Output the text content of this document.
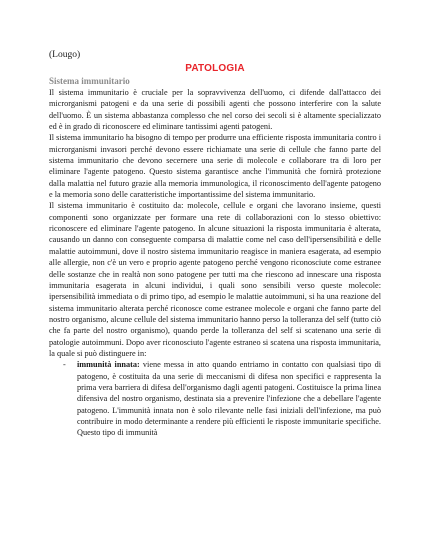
(Lougo)

PATOLOGIA
Sistema immunitario

Il sistema immunitario è cruciale per la sopravvivenza dell'uomo, ci difende dall'attacco dei microrganismi patogeni e da una serie di possibili agenti che possono interferire con la salute dell'uomo. È un sistema abbastanza complesso che nel corso dei secoli si è altamente specializzato ed è in grado di riconoscere ed eliminare tantissimi agenti patogeni.

Il sistema immunitario ha bisogno di tempo per produrre una efficiente risposta immunitaria contro i microrganismi invasori perché devono essere richiamate una serie di cellule che fanno parte del sistema immunitario che devono secernere una serie di molecole e collaborare tra di loro per eliminare l'agente patogeno. Questo sistema garantisce anche l'immunità che fornirà protezione dalla malattia nel futuro grazie alla memoria immunologica, il riconoscimento dell'agente patogeno e la memoria sono delle caratteristiche importantissime del sistema immunitario.

Il sistema immunitario è costituito da: molecole, cellule e organi che lavorano insieme, questi componenti sono organizzate per formare una rete di collaborazioni con lo stesso obiettivo: riconoscere ed eliminare l'agente patogeno. In alcune situazioni la risposta immunitaria è alterata, causando un danno con conseguente comparsa di malattie come nel caso dell'ipersensibilità e delle malattie autoimmuni, dove il nostro sistema immunitario reagisce in maniera esagerata, ad esempio alle allergie, non c'è un vero e proprio agente patogeno perché vengono riconosciute come estranee delle sostanze che in realtà non sono patogene per tutti ma che riescono ad innescare una risposta immunitaria esagerata in alcuni individui, i quali sono sensibili verso queste molecole: ipersensibilità immediata o di primo tipo, ad esempio le malattie autoimmuni, si ha una reazione del sistema immunitario alterata perché riconosce come estranee molecole e organi che fanno parte del nostro organismo, alcune cellule del sistema immunitario hanno perso la tolleranza del self (tutto ciò che fa parte del nostro organismo), quando perde la tolleranza del self si scatenano una serie di patologie autoimmuni. Dopo aver riconosciuto l'agente estraneo si scatena una risposta immunitaria, la quale si può distinguere in:

- immunità innata: viene messa in atto quando entriamo in contatto con qualsiasi tipo di patogeno, è costituita da una serie di meccanismi di difesa non specifici e rappresenta la prima vera barriera di difesa dell'organismo dagli agenti patogeni. Costituisce la prima linea difensiva del nostro organismo, destinata sia a prevenire l'infezione che a debellare l'agente patogeno. L'immunità innata non è solo rilevante nelle fasi iniziali dell'infezione, ma può contribuire in modo determinante a rendere più efficienti le risposte immunitarie specifiche. Questo tipo di immunità
